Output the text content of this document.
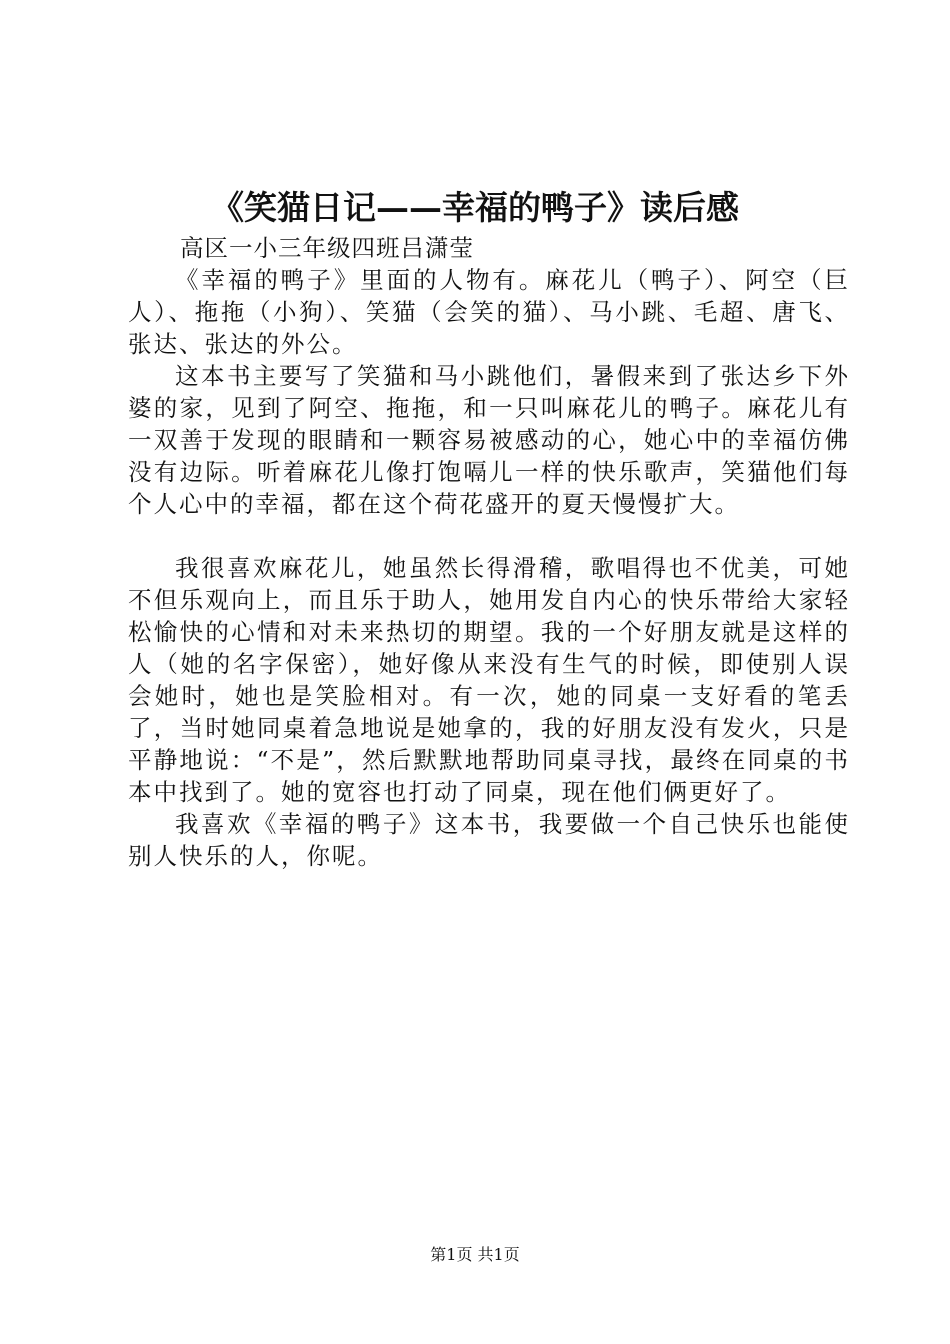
《笑猫日记——幸福的鸭子》读后感
高区一小三年级四班吕潇莹

《幸福的鸭子》里面的人物有。麻花儿（鸭子）、阿空（巨人）、拖拖（小狗）、笑猫（会笑的猫）、马小跳、毛超、唐飞、张达、张达的外公。

这本书主要写了笑猫和马小跳他们，暑假来到了张达乡下外婆的家，见到了阿空、拖拖，和一只叫麻花儿的鸭子。麻花儿有一双善于发现的眼睛和一颗容易被感动的心，她心中的幸福仿佛没有边际。听着麻花儿像打饱嗝儿一样的快乐歌声，笑猫他们每个人心中的幸福，都在这个荷花盛开的夏天慢慢扩大。

我很喜欢麻花儿，她虽然长得滑稽，歌唱得也不优美，可她不但乐观向上，而且乐于助人，她用发自内心的快乐带给大家轻松愉快的心情和对未来热切的期望。我的一个好朋友就是这样的人（她的名字保密），她好像从来没有生气的时候，即使别人误会她时，她也是笑脸相对。有一次，她的同桌一支好看的笔丢了，当时她同桌着急地说是她拿的，我的好朋友没有发火，只是平静地说：“不是”，然后默默地帮助同桌寻找，最终在同桌的书本中找到了。她的宽容也打动了同桌，现在他们俩更好了。

我喜欢《幸福的鸭子》这本书，我要做一个自己快乐也能使别人快乐的人，你呢。

第1页 共1页
